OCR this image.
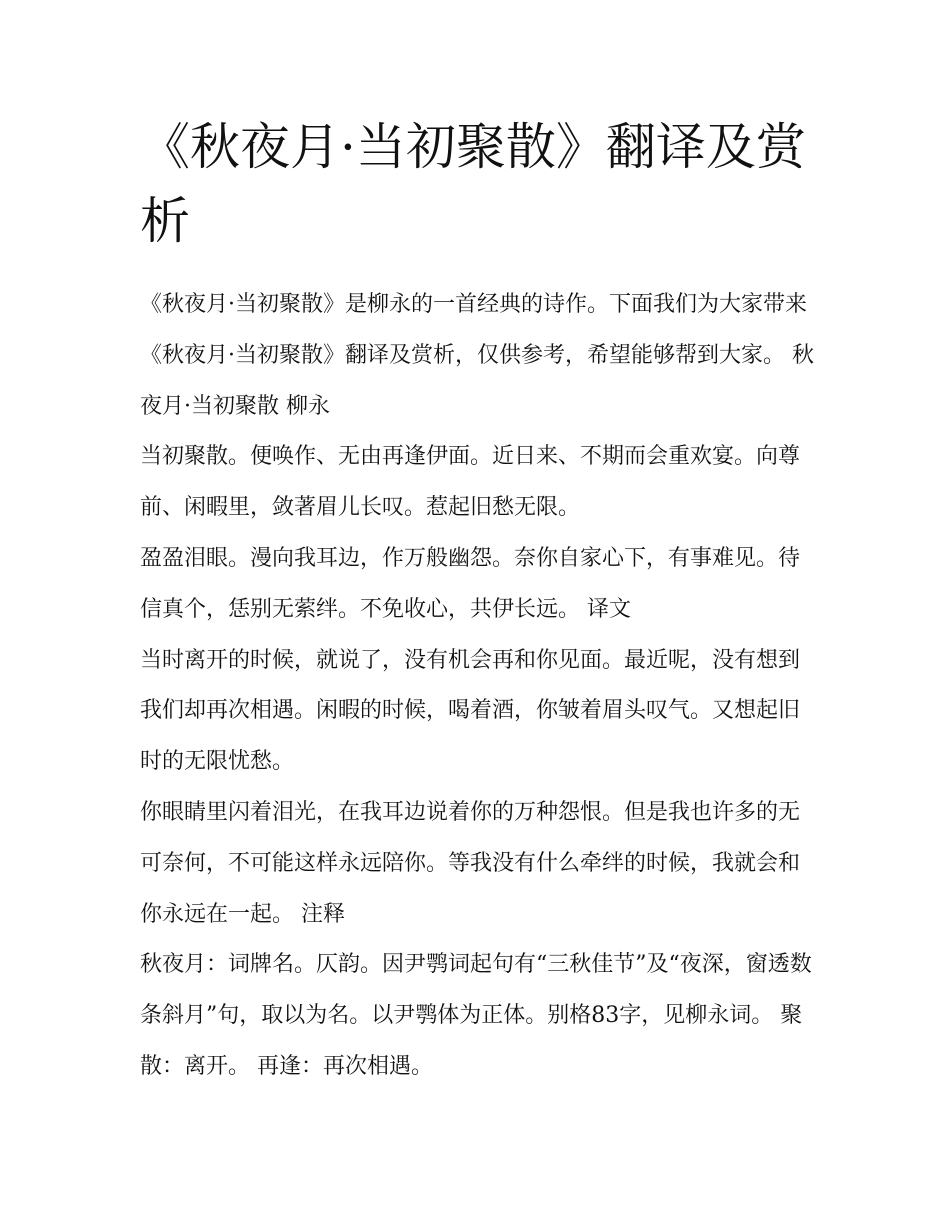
《秋夜月·当初聚散》翻译及赏析

《秋夜月·当初聚散》是柳永的一首经典的诗作。下面我们为大家带来《秋夜月·当初聚散》翻译及赏析，仅供参考，希望能够帮到大家。 秋夜月·当初聚散 柳永

当初聚散。便唤作、无由再逢伊面。近日来、不期而会重欢宴。向尊前、闲暇里，敛著眉儿长叹。惹起旧愁无限。

盈盈泪眼。漫向我耳边，作万般幽怨。奈你自家心下，有事难见。待信真个，恁别无萦绊。不免收心，共伊长远。 译文

当时离开的时候，就说了，没有机会再和你见面。最近呢，没有想到我们却再次相遇。闲暇的时候，喝着酒，你皱着眉头叹气。又想起旧时的无限忧愁。

你眼睛里闪着泪光，在我耳边说着你的万种怨恨。但是我也许多的无可奈何，不可能这样永远陪你。等我没有什么牵绊的时候，我就会和你永远在一起。 注释

秋夜月：词牌名。仄韵。因尹鹗词起句有“三秋佳节”及“夜深，窗透数条斜月”句，取以为名。以尹鹗体为正体。别格83字，见柳永词。 聚散：离开。 再逢：再次相遇。
